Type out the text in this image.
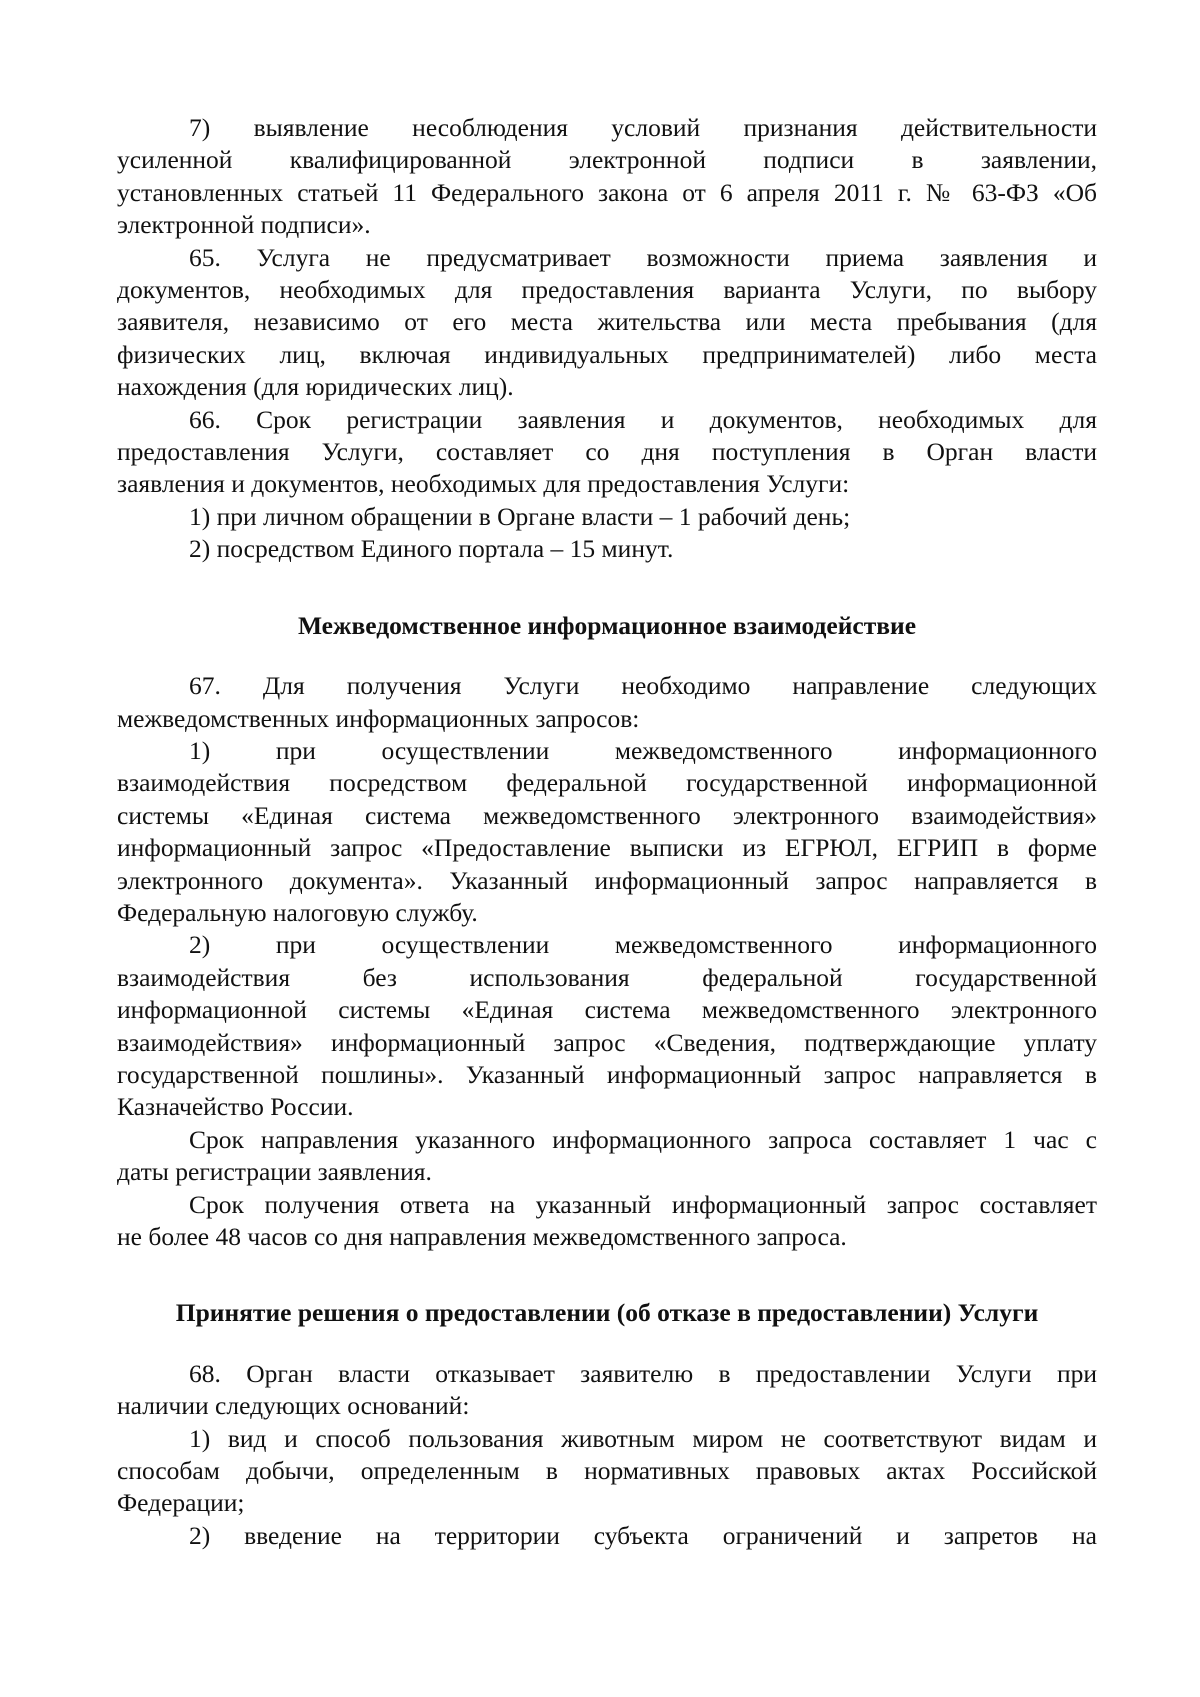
7) выявление несоблюдения условий признания действительности
усиленной квалифицированной электронной подписи в заявлении,
установленных статьей 11 Федерального закона от 6 апреля 2011 г. № 63-ФЗ «Об
электронной подписи».
65. Услуга не предусматривает возможности приема заявления и
документов, необходимых для предоставления варианта Услуги, по выбору
заявителя, независимо от его места жительства или места пребывания (для
физических лиц, включая индивидуальных предпринимателей) либо места
нахождения (для юридических лиц).
66. Срок регистрации заявления и документов, необходимых для
предоставления Услуги, составляет со дня поступления в Орган власти
заявления и документов, необходимых для предоставления Услуги:
1) при личном обращении в Органе власти – 1 рабочий день;
2) посредством Единого портала – 15 минут.
Межведомственное информационное взаимодействие
67. Для получения Услуги необходимо направление следующих
межведомственных информационных запросов:
1) при осуществлении межведомственного информационного
взаимодействия посредством федеральной государственной информационной
системы «Единая система межведомственного электронного взаимодействия»
информационный запрос «Предоставление выписки из ЕГРЮЛ, ЕГРИП в форме
электронного документа». Указанный информационный запрос направляется в
Федеральную налоговую службу.
2) при осуществлении межведомственного информационного
взаимодействия без использования федеральной государственной
информационной системы «Единая система межведомственного электронного
взаимодействия» информационный запрос «Сведения, подтверждающие уплату
государственной пошлины». Указанный информационный запрос направляется в
Казначейство России.
Срок направления указанного информационного запроса составляет 1 час с
даты регистрации заявления.
Срок получения ответа на указанный информационный запрос составляет
не более 48 часов со дня направления межведомственного запроса.
Принятие решения о предоставлении (об отказе в предоставлении) Услуги
68. Орган власти отказывает заявителю в предоставлении Услуги при
наличии следующих оснований:
1) вид и способ пользования животным миром не соответствуют видам и
способам добычи, определенным в нормативных правовых актах Российской
Федерации;
2) введение на территории субъекта ограничений и запретов на
